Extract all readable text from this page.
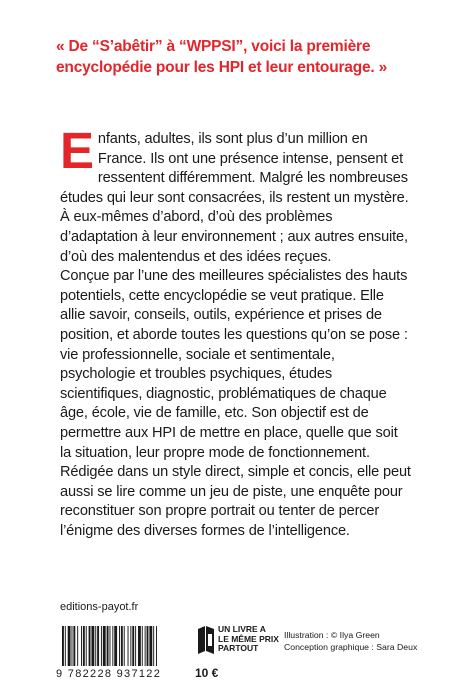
« De “S’abêtir” à “WPPSI”, voici la première
encyclopédie pour les HPI et leur entourage. »

Enfants, adultes, ils sont plus d’un million en France. Ils ont une présence intense, pensent et ressentent différemment. Malgré les nombreuses études qui leur sont consacrées, ils restent un mystère. À eux-mêmes d’abord, d’où des problèmes d’adaptation à leur environnement ; aux autres ensuite, d’où des malentendus et des idées reçues.

Conçue par l’une des meilleures spécialistes des hauts potentiels, cette encyclopédie se veut pratique. Elle allie savoir, conseils, outils, expérience et prises de position, et aborde toutes les questions qu’on se pose : vie professionnelle, sociale et sentimentale, psychologie et troubles psychiques, études scientifiques, diagnostic, problématiques de chaque âge, école, vie de famille, etc. Son objectif est de permettre aux HPI de mettre en place, quelle que soit la situation, leur propre mode de fonctionnement.

Rédigée dans un style direct, simple et concis, elle peut aussi se lire comme un jeu de piste, une enquête pour reconstituer son propre portrait ou tenter de percer l’énigme des diverses formes de l’intelligence.

editions-payot.fr
9 782228 937122
UN LIVRE A
LE MÊME PRIX
PARTOUT
10 €
Illustration : © Ilya Green
Conception graphique : Sara Deux
